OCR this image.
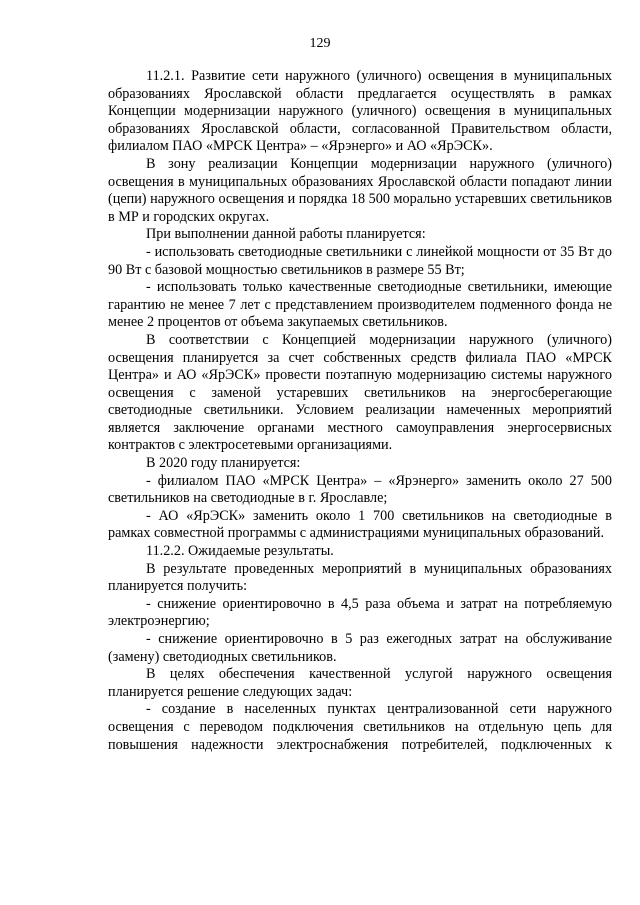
129

11.2.1. Развитие сети наружного (уличного) освещения в муниципальных образованиях Ярославской области предлагается осуществлять в рамках Концепции модернизации наружного (уличного) освещения в муниципальных образованиях Ярославской области, согласованной Правительством области, филиалом ПАО «МРСК Центра» – «Ярэнерго» и АО «ЯрЭСК».

В зону реализации Концепции модернизации наружного (уличного) освещения в муниципальных образованиях Ярославской области попадают линии (цепи) наружного освещения и порядка 18 500 морально устаревших светильников в МР и городских округах.

При выполнении данной работы планируется:

- использовать светодиодные светильники с линейкой мощности от 35 Вт до 90 Вт с базовой мощностью светильников в размере 55 Вт;

- использовать только качественные светодиодные светильники, имеющие гарантию не менее 7 лет с представлением производителем подменного фонда не менее 2 процентов от объема закупаемых светильников.

В соответствии с Концепцией модернизации наружного (уличного) освещения планируется за счет собственных средств филиала ПАО «МРСК Центра» и АО «ЯрЭСК» провести поэтапную модернизацию системы наружного освещения с заменой устаревших светильников на энергосберегающие светодиодные светильники. Условием реализации намеченных мероприятий является заключение органами местного самоуправления энергосервисных контрактов с электросетевыми организациями.

В 2020 году планируется:

- филиалом ПАО «МРСК Центра» – «Ярэнерго» заменить около 27 500 светильников на светодиодные в г. Ярославле;

- АО «ЯрЭСК» заменить около 1 700 светильников на светодиодные в рамках совместной программы с администрациями муниципальных образований.

11.2.2. Ожидаемые результаты.

В результате проведенных мероприятий в муниципальных образованиях планируется получить:

- снижение ориентировочно в 4,5 раза объема и затрат на потребляемую электроэнергию;

- снижение ориентировочно в 5 раз ежегодных затрат на обслуживание (замену) светодиодных светильников.

В целях обеспечения качественной услугой наружного освещения планируется решение следующих задач:

- создание в населенных пунктах централизованной сети наружного освещения с переводом подключения светильников на отдельную цепь для повышения надежности электроснабжения потребителей, подключенных к
